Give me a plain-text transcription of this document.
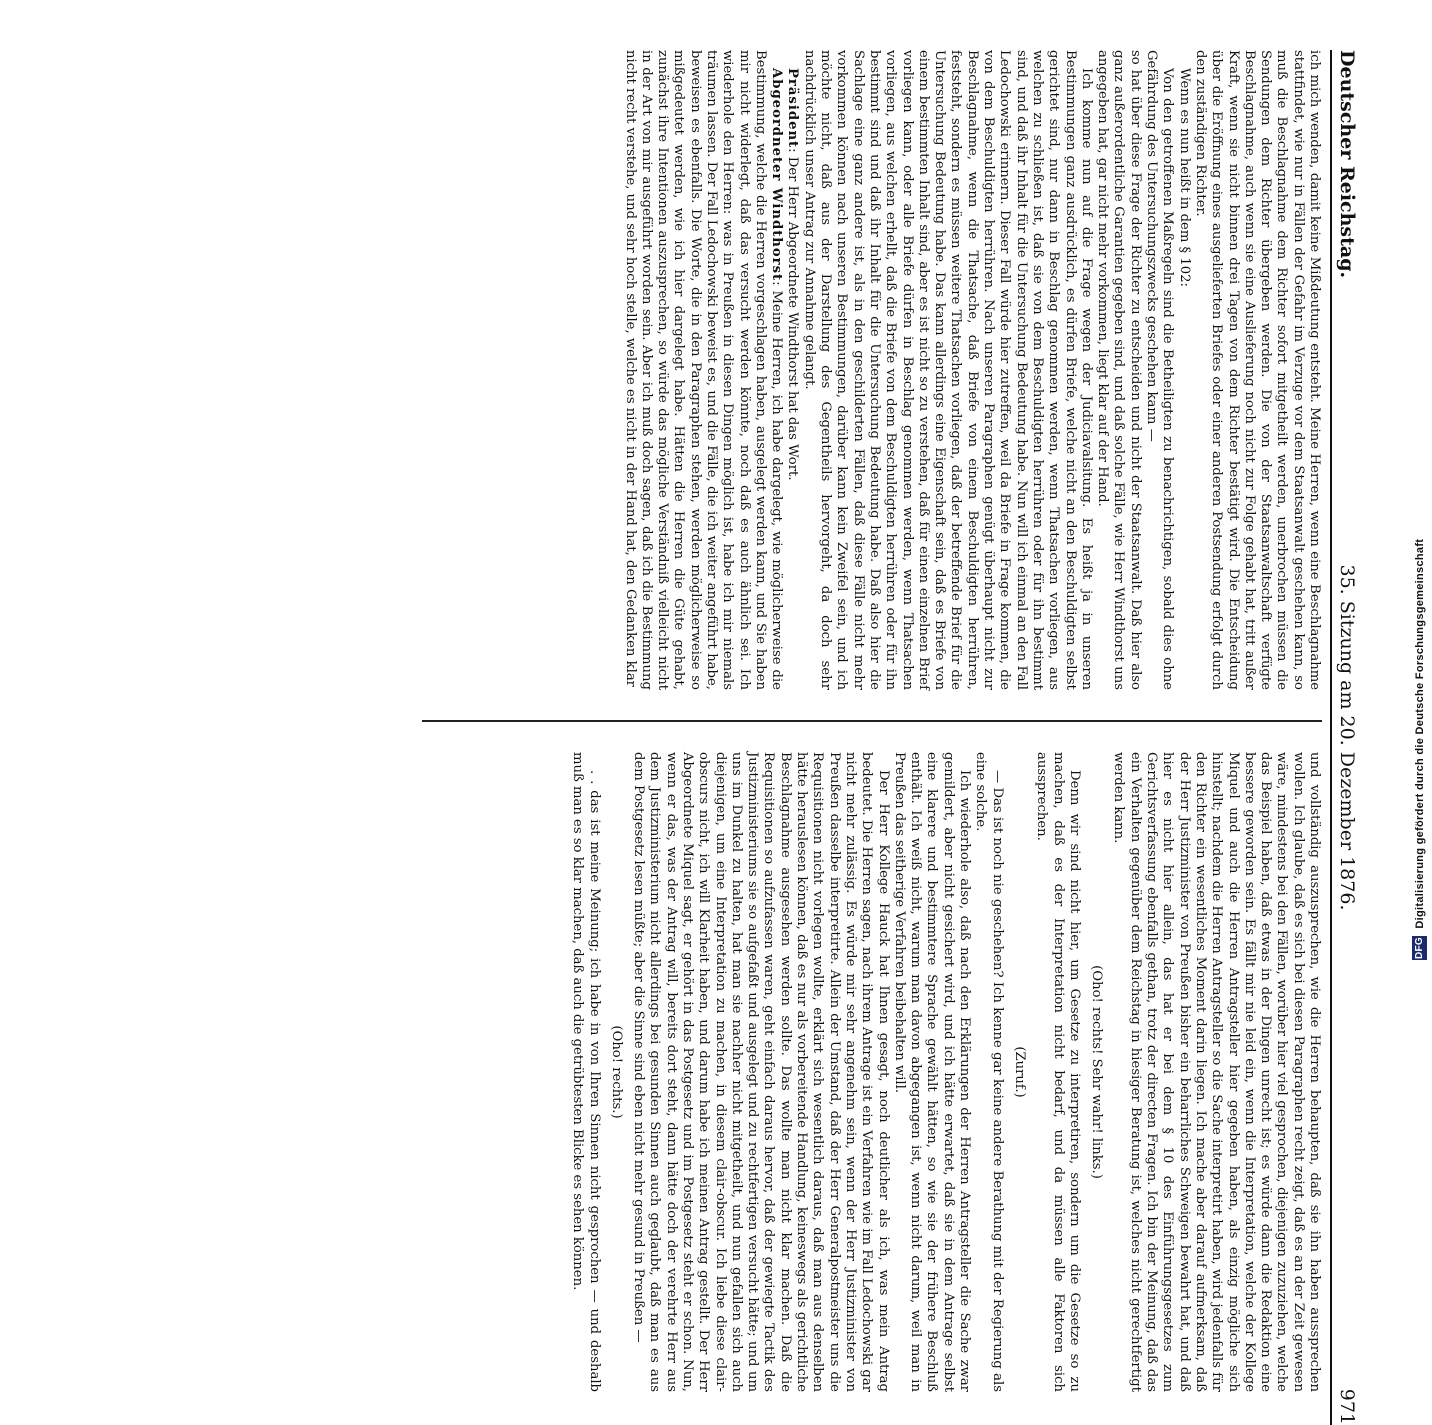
Deutscher Reichstag.
35. Sitzung am 20. Dezember 1876.
971

ich mich wenden, damit keine Mißdeutung entsteht. Meine Herren, wenn eine Beschlagnahme stattfindet, wie nur in Fällen der Gefahr im Verzuge vor dem Staatsanwalt geschehen kann, so muß die Beschlagnahme dem Richter sofort mitgetheilt werden, unerbrochen müssen die Sendungen dem Richter übergeben werden. Die von der Staatsanwaltschaft verfügte Beschlagnahme, auch wenn sie eine Auslieferung noch nicht zur Folge gehabt hat, tritt außer Kraft, wenn sie nicht binnen drei Tagen von dem Richter bestätigt wird. Die Entscheidung über die Eröffnung eines ausgelieferten Briefes oder einer anderen Postsendung erfolgt durch den zuständigen Richter.

Wenn es nun heißt in dem § 102:

Von den getroffenen Maßregeln sind die Betheiligten zu benachrichtigen, sobald dies ohne Gefährdung des Untersuchungszwecks geschehen kann —

so hat über diese Frage der Richter zu entscheiden und nicht der Staatsanwalt. Daß hier also ganz außerordentliche Garantien gegeben sind, und daß solche Fälle, wie Herr Windthorst uns angegeben hat, gar nicht mehr vorkommen, liegt klar auf der Hand.

Ich komme nun auf die Frage wegen der Judiciavalsitung. Es heißt ja in unseren Bestimmungen ganz ausdrücklich, es dürfen Briefe, welche nicht an den Beschuldigten selbst gerichtet sind, nur dann in Beschlag genommen werden, wenn Thatsachen vorliegen, aus welchen zu schließen ist, daß sie von dem Beschuldigten herrühren oder für ihn bestimmt sind, und daß ihr Inhalt für die Untersuchung Bedeutung habe. Nun will ich einmal an den Fall Ledochowski erinnern. Dieser Fall würde hier zutreffen, weil da Briefe in Frage kommen, die von dem Beschuldigten herrühren. Nach unseren Paragraphen genügt überhaupt nicht zur Beschlagnahme, wenn die Thatsache, daß Briefe von einem Beschuldigten herrühren, feststeht, sondern es müssen weitere Thatsachen vorliegen, daß der betreffende Brief für die Untersuchung Bedeutung habe. Das kann allerdings eine Eigenschaft sein, daß es Briefe von einem bestimmten Inhalt sind, aber es ist nicht so zu verstehen, daß für einen einzelnen Brief vorliegen kann, oder alle Briefe dürfen in Beschlag genommen werden, wenn Thatsachen vorliegen, aus welchen erhellt, daß die Briefe von dem Beschuldigten herrühren oder für ihn bestimmt sind und daß ihr Inhalt für die Untersuchung Bedeutung habe. Daß also hier die Sachlage eine ganz andere ist, als in den geschilderten Fällen, daß diese Fälle nicht mehr vorkommen können nach unseren Bestimmungen, darüber kann kein Zweifel sein, und ich möchte nicht, daß aus der Darstellung des Gegentheils hervorgeht, da doch sehr nachdrücklich unser Antrag zur Annahme gelangt.

Präsident: Der Herr Abgeordnete Windthorst hat das Wort.

Abgeordneter Windthorst: Meine Herren, ich habe dargelegt, wie möglicherweise die Bestimmung, welche die Herren vorgeschlagen haben, ausgelegt werden kann, und Sie haben mir nicht widerlegt, daß das versucht werden könnte, noch daß es auch ähnlich sei. Ich wiederhole den Herren: was in Preußen in diesen Dingen möglich ist, habe ich mir niemals träumen lassen. Der Fall Ledochowski beweist es, und die Fälle, die ich weiter angeführt habe, beweisen es ebenfalls. Die Worte, die in den Paragraphen stehen, werden möglicherweise so mißgedeutet werden, wie ich hier dargelegt habe. Hätten die Herren die Güte gehabt, zunächst ihre Intentionen auszusprechen, so würde das mögliche Verständniß vielleicht nicht in der Art von mir ausgeführt worden sein. Aber ich muß doch sagen, daß ich die Bestimmung nicht recht verstehe, und sehr hoch stelle, welche es nicht in der Hand hat, den Gedanken klar

und vollständig auszusprechen, wie die Herren behaupten, daß sie ihn haben aussprechen wollen. Ich glaube, daß es sich bei diesen Paragraphen recht zeigt, daß es an der Zeit gewesen wäre, mindestens bei den Fällen, worüber hier viel gesprochen, diejenigen zuzuziehen, welche das Beispiel haben, daß etwas in der Dingen unrecht ist; es würde dann die Redaktion eine bessere geworden sein. Es fällt mir nie leid ein, wenn die Interpretation, welche der Kollege Miquel und auch die Herren Antragsteller hier gegeben haben, als einzig mögliche sich hinstellt; nachdem die Herren Antragsteller so die Sache interpretirt haben, wird jedenfalls für den Richter ein wesentliches Moment darin liegen. Ich mache aber darauf aufmerksam, daß der Herr Justizminister von Preußen bisher ein beharrliches Schweigen bewahrt hat, und daß hier es nicht hier allein, das hat er bei dem § 10 des Einführungsgesetzes zum Gerichtsverfassung ebenfalls gethan, trotz der directen Fragen. Ich bin der Meinung, daß das ein Verhalten gegenüber dem Reichstag in hiesiger Beratung ist, welches nicht gerechtfertigt werden kann.

(Oho! rechts! Sehr wahr! links.)

Denn wir sind nicht hier, um Gesetze zu interpretiren, sondern um die Gesetze so zu machen, daß es der Interpretation nicht bedarf, und da müssen alle Faktoren sich aussprechen.

(Zuruf.)

— Das ist noch nie geschehen? Ich kenne gar keine andere Berathung mit der Regierung als eine solche.

Ich wiederhole also, daß nach den Erklärungen der Herren Antragsteller die Sache zwar gemildert, aber nicht gesichert wird, und ich hätte erwartet, daß sie in dem Antrage selbst eine klarere und bestimmtere Sprache gewählt hätten, so wie sie der frühere Beschluß enthält. Ich weiß nicht, warum man davon abgegangen ist, wenn nicht darum, weil man in Preußen das seitherige Verfahren beibehalten will.

Der Herr Kollege Hauck hat Ihnen gesagt, noch deutlicher als ich, was mein Antrag bedeutet. Die Herren sagen, nach ihrem Antrage ist ein Verfahren wie im Fall Ledochowski gar nicht mehr zulässig. Es würde mir sehr angenehm sein, wenn der Herr Justizminister von Preußen dasselbe interpretirte. Allein der Umstand, daß der Herr Generalpostmeister uns die Requisitionen nicht vorlegen wollte, erklärt sich wesentlich daraus, daß man aus denselben hätte herauslesen können, daß es nur als vorbereitende Handlung, keineswegs als gerichtliche Beschlagnahme ausgesehen werden sollte. Das wollte man nicht klar machen. Daß die Requisitionen so aufzufassen waren, geht einfach daraus hervor, daß der gewiegte Tactik des Justizministeriums sie so aufgefaßt und ausgelegt und zu rechtfertigen versucht hätte; und um uns im Dunkel zu halten, hat man sie nachher nicht mitgetheilt, und nun gefallen sich auch diejenigen, um eine Interpretation zu machen, in diesem clair-obscur. Ich liebe diese clair-obscurs nicht, ich will Klarheit haben, und darum habe ich meinen Antrag gestellt. Der Herr Abgeordnete Miquel sagt, er gehört in das Postgesetz und im Postgesetz steht er schon. Nun, wenn er das, was der Antrag will, bereits dort steht, dann hätte doch der verehrte Herr aus dem Justizministerium nicht allerdings bei gesunden Sinnen auch geglaubt, daß man es aus dem Postgesetz lesen müßte; aber die Sinne sind eben nicht mehr gesund in Preußen —

(Oho! rechts.)

. . das ist meine Meinung; ich habe in von Ihren Sinnen nicht gesprochen — und deshalb muß man es so klar machen, daß auch die getrübtesten Blicke es sehen können.	DFG Digitalisierung gefördert durch die Deutsche Forschungsgemeinschaft
